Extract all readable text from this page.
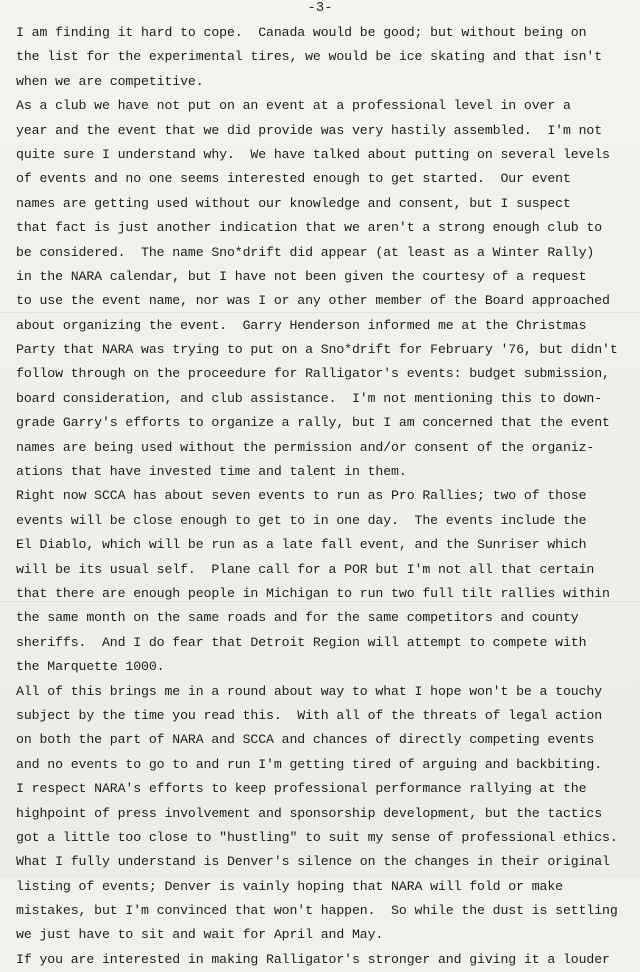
-3-
I am finding it hard to cope.  Canada would be good; but without being on
the list for the experimental tires, we would be ice skating and that isn't
when we are competitive.
As a club we have not put on an event at a professional level in over a
year and the event that we did provide was very hastily assembled.  I'm not
quite sure I understand why.  We have talked about putting on several levels
of events and no one seems interested enough to get started.  Our event
names are getting used without our knowledge and consent, but I suspect
that fact is just another indication that we aren't a strong enough club to
be considered.  The name Sno*drift did appear (at least as a Winter Rally)
in the NARA calendar, but I have not been given the courtesy of a request
to use the event name, nor was I or any other member of the Board approached
about organizing the event.  Garry Henderson informed me at the Christmas
Party that NARA was trying to put on a Sno*drift for February '76, but didn't
follow through on the proceedure for Ralligator's events: budget submission,
board consideration, and club assistance.  I'm not mentioning this to down-
grade Garry's efforts to organize a rally, but I am concerned that the event
names are being used without the permission and/or consent of the organiz-
ations that have invested time and talent in them.
Right now SCCA has about seven events to run as Pro Rallies; two of those
events will be close enough to get to in one day.  The events include the
El Diablo, which will be run as a late fall event, and the Sunriser which
will be its usual self.  Plane call for a POR but I'm not all that certain
that there are enough people in Michigan to run two full tilt rallies within
the same month on the same roads and for the same competitors and county
sheriffs.  And I do fear that Detroit Region will attempt to compete with
the Marquette 1000.
All of this brings me in a round about way to what I hope won't be a touchy
subject by the time you read this.  With all of the threats of legal action
on both the part of NARA and SCCA and chances of directly competing events
and no events to go to and run I'm getting tired of arguing and backbiting.
I respect NARA's efforts to keep professional performance rallying at the
highpoint of press involvement and sponsorship development, but the tactics
got a little too close to "hustling" to suit my sense of professional ethics.
What I fully understand is Denver's silence on the changes in their original
listing of events; Denver is vainly hoping that NARA will fold or make
mistakes, but I'm convinced that won't happen.  So while the dust is settling
we just have to sit and wait for April and May.
If you are interested in making Ralligator's stronger and giving it a louder
